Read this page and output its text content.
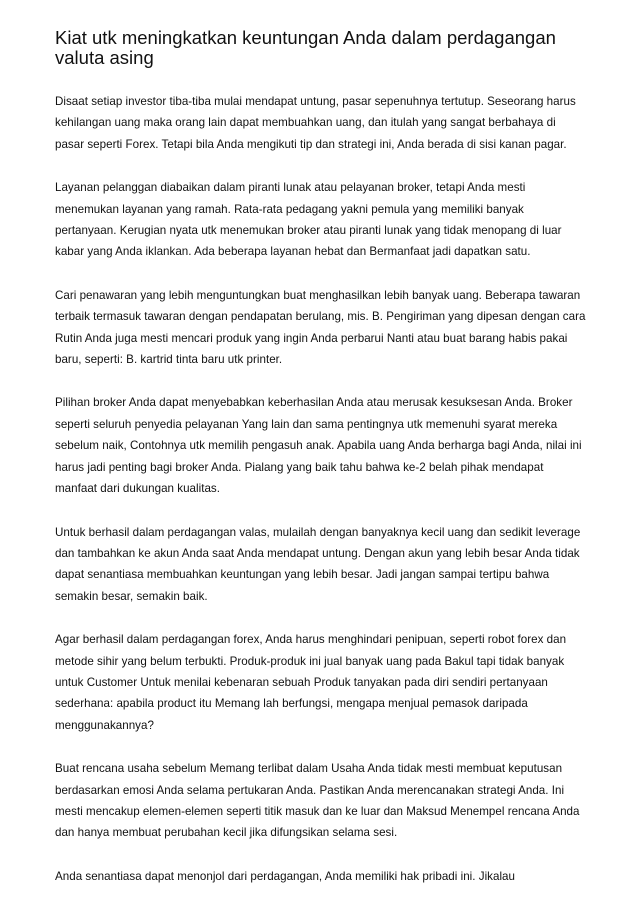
Kiat utk meningkatkan keuntungan Anda dalam perdagangan valuta asing

Disaat setiap investor tiba-tiba mulai mendapat untung, pasar sepenuhnya tertutup. Seseorang harus kehilangan uang maka orang lain dapat membuahkan uang, dan itulah yang sangat berbahaya di pasar seperti Forex. Tetapi bila Anda mengikuti tip dan strategi ini, Anda berada di sisi kanan pagar.

Layanan pelanggan diabaikan dalam piranti lunak atau pelayanan broker, tetapi Anda mesti menemukan layanan yang ramah. Rata-rata pedagang yakni pemula yang memiliki banyak pertanyaan. Kerugian nyata utk menemukan broker atau piranti lunak yang tidak menopang di luar kabar yang Anda iklankan. Ada beberapa layanan hebat dan Bermanfaat jadi dapatkan satu.

Cari penawaran yang lebih menguntungkan buat menghasilkan lebih banyak uang. Beberapa tawaran terbaik termasuk tawaran dengan pendapatan berulang, mis. B. Pengiriman yang dipesan dengan cara Rutin Anda juga mesti mencari produk yang ingin Anda perbarui Nanti atau buat barang habis pakai baru, seperti: B. kartrid tinta baru utk printer.

Pilihan broker Anda dapat menyebabkan keberhasilan Anda atau merusak kesuksesan Anda. Broker seperti seluruh penyedia pelayanan Yang lain dan sama pentingnya utk memenuhi syarat mereka sebelum naik, Contohnya utk memilih pengasuh anak. Apabila uang Anda berharga bagi Anda, nilai ini harus jadi penting bagi broker Anda. Pialang yang baik tahu bahwa ke-2 belah pihak mendapat manfaat dari dukungan kualitas.

Untuk berhasil dalam perdagangan valas, mulailah dengan banyaknya kecil uang dan sedikit leverage dan tambahkan ke akun Anda saat Anda mendapat untung. Dengan akun yang lebih besar Anda tidak dapat senantiasa membuahkan keuntungan yang lebih besar. Jadi jangan sampai tertipu bahwa semakin besar, semakin baik.

Agar berhasil dalam perdagangan forex, Anda harus menghindari penipuan, seperti robot forex dan metode sihir yang belum terbukti. Produk-produk ini jual banyak uang pada Bakul tapi tidak banyak untuk Customer Untuk menilai kebenaran sebuah Produk tanyakan pada diri sendiri pertanyaan sederhana: apabila product itu Memang lah berfungsi, mengapa menjual pemasok daripada menggunakannya?

Buat rencana usaha sebelum Memang terlibat dalam Usaha Anda tidak mesti membuat keputusan berdasarkan emosi Anda selama pertukaran Anda. Pastikan Anda merencanakan strategi Anda. Ini mesti mencakup elemen-elemen seperti titik masuk dan ke luar dan Maksud Menempel rencana Anda dan hanya membuat perubahan kecil jika difungsikan selama sesi.

Anda senantiasa dapat menonjol dari perdagangan, Anda memiliki hak pribadi ini. Jikalau
